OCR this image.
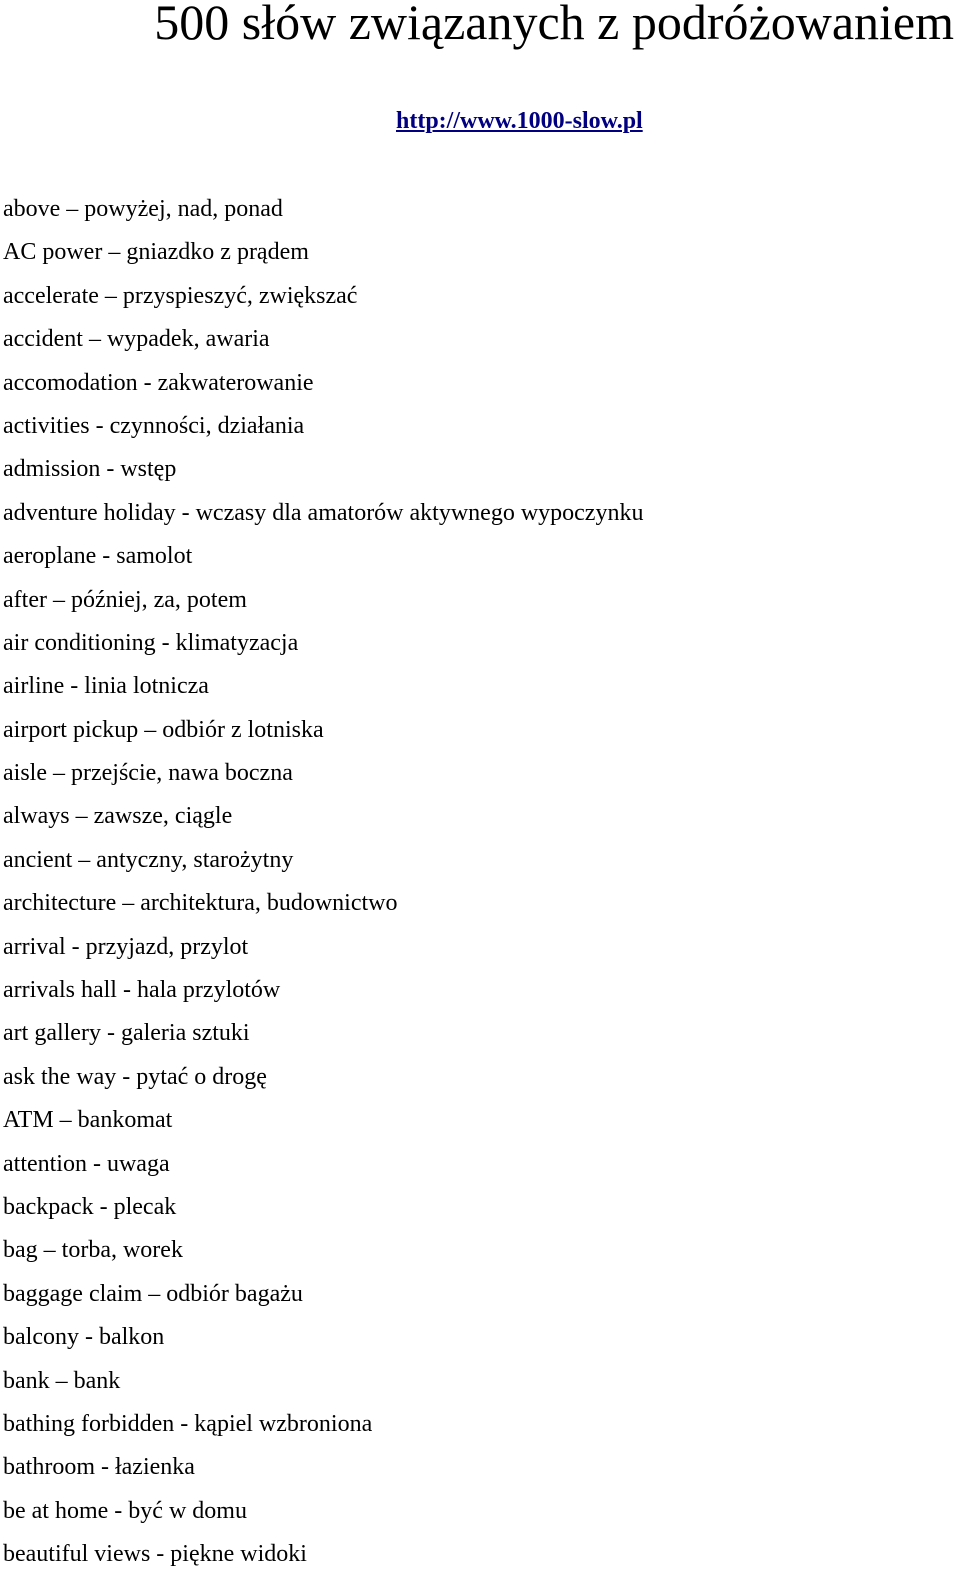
500 słów związanych z podróżowaniem
http://www.1000-slow.pl
above – powyżej, nad, ponad
AC power – gniazdko z prądem
accelerate – przyspieszyć, zwiększać
accident – wypadek, awaria
accomodation - zakwaterowanie
activities - czynności, działania
admission - wstęp
adventure holiday - wczasy dla amatorów aktywnego wypoczynku
aeroplane - samolot
after – później, za, potem
air conditioning - klimatyzacja
airline - linia lotnicza
airport pickup – odbiór z lotniska
aisle – przejście, nawa boczna
always – zawsze, ciągle
ancient – antyczny, starożytny
architecture – architektura, budownictwo
arrival - przyjazd, przylot
arrivals hall - hala przylotów
art gallery - galeria sztuki
ask the way - pytać o drogę
ATM – bankomat
attention - uwaga
backpack - plecak
bag – torba, worek
baggage claim – odbiór bagażu
balcony - balkon
bank – bank
bathing forbidden - kąpiel wzbroniona
bathroom - łazienka
be at home - być w domu
beautiful views - piękne widoki
